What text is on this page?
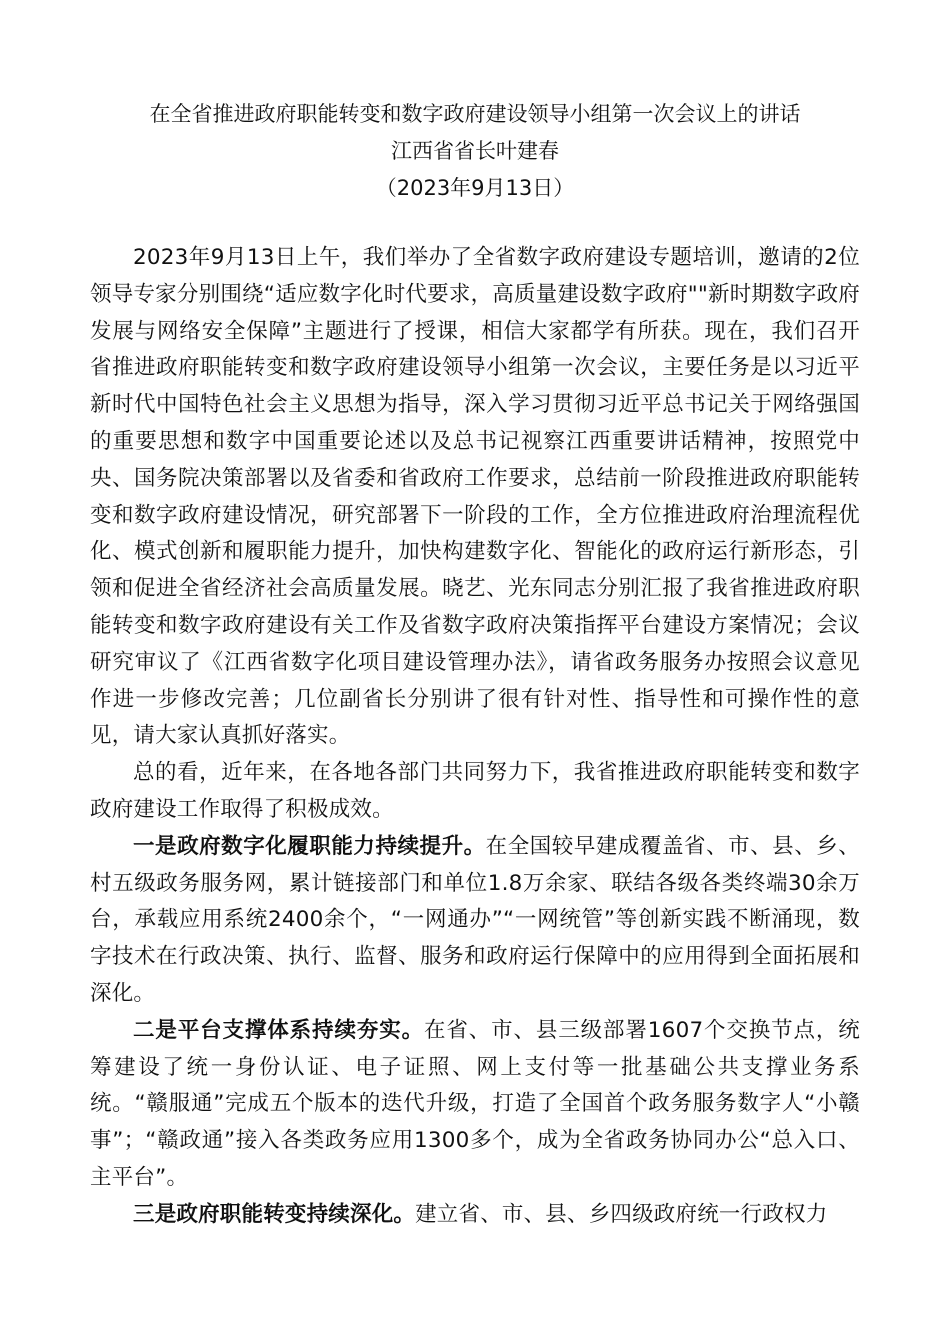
在全省推进政府职能转变和数字政府建设领导小组第一次会议上的讲话
江西省省长叶建春
（2023年9月13日）

2023年9月13日上午，我们举办了全省数字政府建设专题培训，邀请的2位领导专家分别围绕“适应数字化时代要求，高质量建设数字政府""新时期数字政府发展与网络安全保障”主题进行了授课，相信大家都学有所获。现在，我们召开省推进政府职能转变和数字政府建设领导小组第一次会议，主要任务是以习近平新时代中国特色社会主义思想为指导，深入学习贯彻习近平总书记关于网络强国的重要思想和数字中国重要论述以及总书记视察江西重要讲话精神，按照党中央、国务院决策部署以及省委和省政府工作要求，总结前一阶段推进政府职能转变和数字政府建设情况，研究部署下一阶段的工作，全方位推进政府治理流程优化、模式创新和履职能力提升，加快构建数字化、智能化的政府运行新形态，引领和促进全省经济社会高质量发展。晓艺、光东同志分别汇报了我省推进政府职能转变和数字政府建设有关工作及省数字政府决策指挥平台建设方案情况；会议研究审议了《江西省数字化项目建设管理办法》，请省政务服务办按照会议意见作进一步修改完善；几位副省长分别讲了很有针对性、指导性和可操作性的意见，请大家认真抓好落实。

总的看，近年来，在各地各部门共同努力下，我省推进政府职能转变和数字政府建设工作取得了积极成效。

一是政府数字化履职能力持续提升。在全国较早建成覆盖省、市、县、乡、村五级政务服务网，累计链接部门和单位1.8万余家、联结各级各类终端30余万台，承载应用系统2400余个，“一网通办”“一网统管”等创新实践不断涌现，数字技术在行政决策、执行、监督、服务和政府运行保障中的应用得到全面拓展和深化。

二是平台支撑体系持续夯实。在省、市、县三级部署1607个交换节点，统筹建设了统一身份认证、电子证照、网上支付等一批基础公共支撑业务系统。“赣服通”完成五个版本的迭代升级，打造了全国首个政务服务数字人“小赣事”；“赣政通”接入各类政务应用1300多个，成为全省政务协同办公“总入口、主平台”。

三是政府职能转变持续深化。建立省、市、县、乡四级政府统一行政权力
